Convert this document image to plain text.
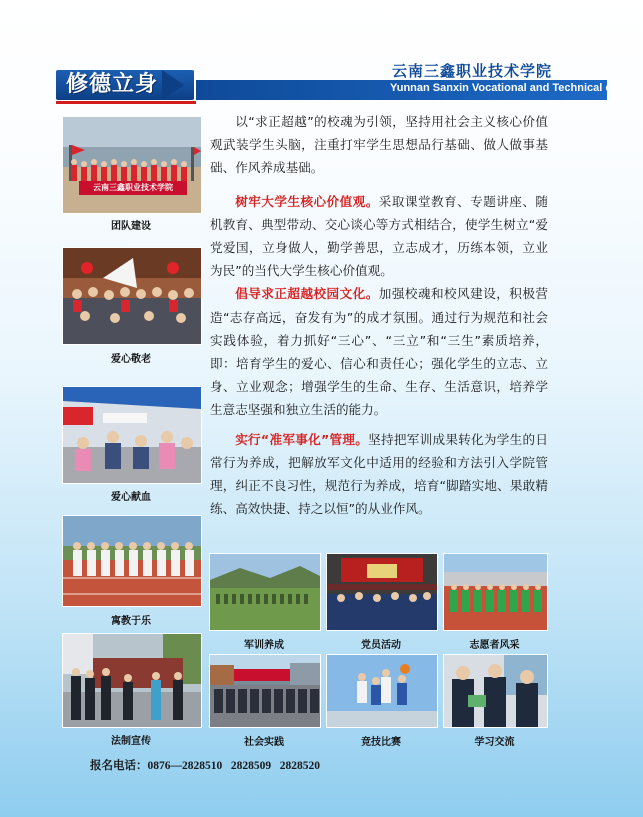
修德立身
云南三鑫职业技术学院
Yunnan Sanxin Vocational and Technical college
云南三鑫职业技术学院
团队建设
爱心敬老
爱心献血
寓教于乐
法制宣传

以“求正超越”的校魂为引领，坚持用社会主义核心价值观武装学生头脑，注重打牢学生思想品行基础、做人做事基础、作风养成基础。

树牢大学生核心价值观。采取课堂教育、专题讲座、随机教育、典型带动、交心谈心等方式相结合，使学生树立“爱党爱国，立身做人，勤学善思，立志成才，历练本领，立业为民”的当代大学生核心价值观。

倡导求正超越校园文化。加强校魂和校风建设，积极营造“志存高远，奋发有为”的成才氛围。通过行为规范和社会实践体验，着力抓好“三心”、“三立”和“三生”素质培养，即：培育学生的爱心、信心和责任心；强化学生的立志、立身、立业观念；增强学生的生命、生存、生活意识，培养学生意志坚强和独立生活的能力。

实行“准军事化”管理。坚持把军训成果转化为学生的日常行为养成，把解放军文化中适用的经验和方法引入学院管理，纠正不良习性，规范行为养成，培育“脚踏实地、果敢精练、高效快捷、持之以恒”的从业作风。

军训养成	党员活动	志愿者风采
社会实践	竞技比赛	学习交流
报名电话：0876—2828510   2828509   2828520
